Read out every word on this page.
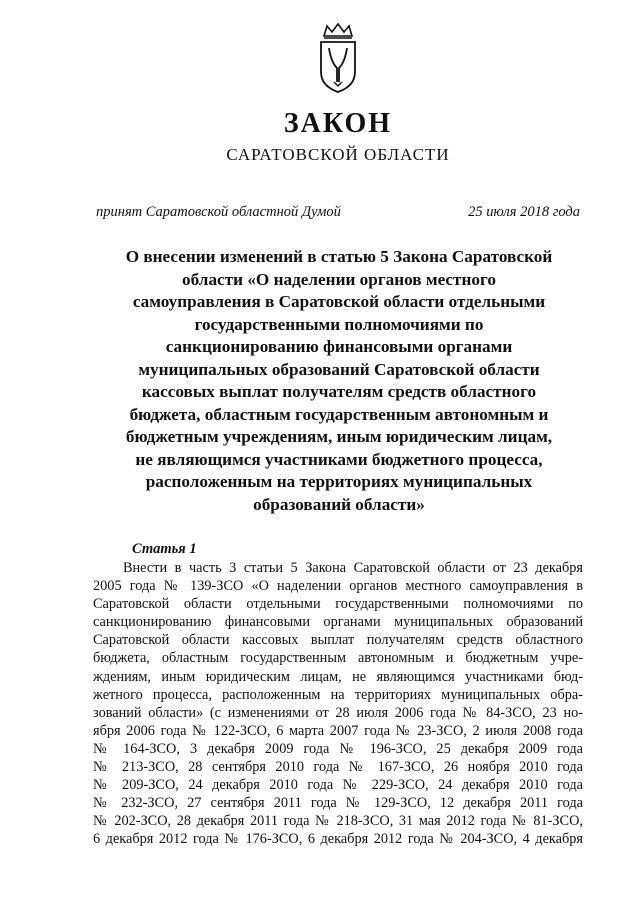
ЗАКОН
САРАТОВСКОЙ ОБЛАСТИ
принят Саратовской областной Думой	25 июля 2018 года
О внесении изменений в статью 5 Закона Саратовской
области «О наделении органов местного
самоуправления в Саратовской области отдельными
государственными полномочиями по
санкционированию финансовыми органами
муниципальных образований Саратовской области
кассовых выплат получателям средств областного
бюджета, областным государственным автономным и
бюджетным учреждениям, иным юридическим лицам,
не являющимся участниками бюджетного процесса,
расположенным на территориях муниципальных
образований области»
Статья 1
Внести в часть 3 статьи 5 Закона Саратовской области от 23 декабря
2005 года № 139-ЗСО «О наделении органов местного самоуправления в
Саратовской области отдельными государственными полномочиями по
санкционированию финансовыми органами муниципальных образований
Саратовской области кассовых выплат получателям средств областного
бюджета, областным государственным автономным и бюджетным учре-
ждениям, иным юридическим лицам, не являющимся участниками бюд-
жетного процесса, расположенным на территориях муниципальных обра-
зований области» (с изменениями от 28 июля 2006 года № 84-ЗСО, 23 но-
ября 2006 года № 122-ЗСО, 6 марта 2007 года № 23-ЗСО, 2 июля 2008 года
№ 164-ЗСО, 3 декабря 2009 года № 196-ЗСО, 25 декабря 2009 года
№ 213-ЗСО, 28 сентября 2010 года № 167-ЗСО, 26 ноября 2010 года
№ 209-ЗСО, 24 декабря 2010 года № 229-ЗСО, 24 декабря 2010 года
№ 232-ЗСО, 27 сентября 2011 года № 129-ЗСО, 12 декабря 2011 года
№ 202-ЗСО, 28 декабря 2011 года № 218-ЗСО, 31 мая 2012 года № 81-ЗСО,
6 декабря 2012 года № 176-ЗСО, 6 декабря 2012 года № 204-ЗСО, 4 декабря
